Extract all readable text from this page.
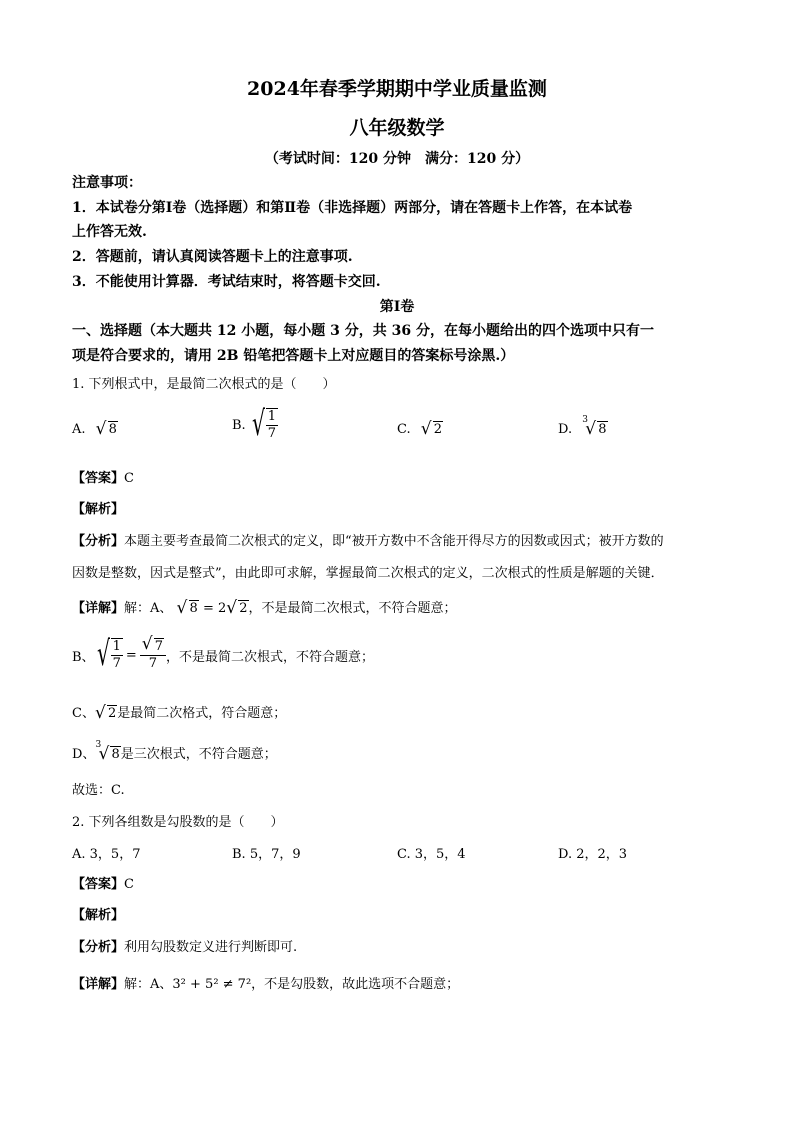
2024年春季学期期中学业质量监测
八年级数学
（考试时间：120 分钟　满分：120 分）
注意事项：
1．本试卷分第Ⅰ卷（选择题）和第Ⅱ卷（非选择题）两部分，请在答题卡上作答，在本试卷
上作答无效.
2．答题前，请认真阅读答题卡上的注意事项.
3．不能使用计算器．考试结束时，将答题卡交回.
第Ⅰ卷
一、选择题（本大题共 12 小题，每小题 3 分，共 36 分，在每小题给出的四个选项中只有一
项是符合要求的，请用 2B 铅笔把答题卡上对应题目的答案标号涂黑.）
1. 下列根式中，是最简二次根式的是（　　）
A. √ 8	B. √ $\frac{1}{7}$	C. √ 2	D.
√ 3
8
【答案】C
【解析】
【分析】本题主要考查最简二次根式的定义，即“被开方数中不含能开得尽方的因数或因式；被开方数的
因数是整数，因式是整式”，由此即可求解，掌握最简二次根式的定义，二次根式的性质是解题的关键．
【详解】解：A、 √ 8 = 2 √ 2，不是最简二次根式，不符合题意；
B、 √ $\frac{1}{7}$ = √ $\frac{7}{7}$ ，不是最简二次根式，不符合题意；
C、 √ 2是最简二次格式，符合题意；
D、
√ 3
8是三次根式，不符合题意；
故选：C.
2. 下列各组数是勾股数的是（　　）
A. 3，5，7	B. 5，7，9	C. 3，5，4	D. 2，2，3
【答案】C
【解析】
【分析】利用勾股数定义进行判断即可.
【详解】解：A、3² + 5² ≠ 7²，不是勾股数，故此选项不合题意；
